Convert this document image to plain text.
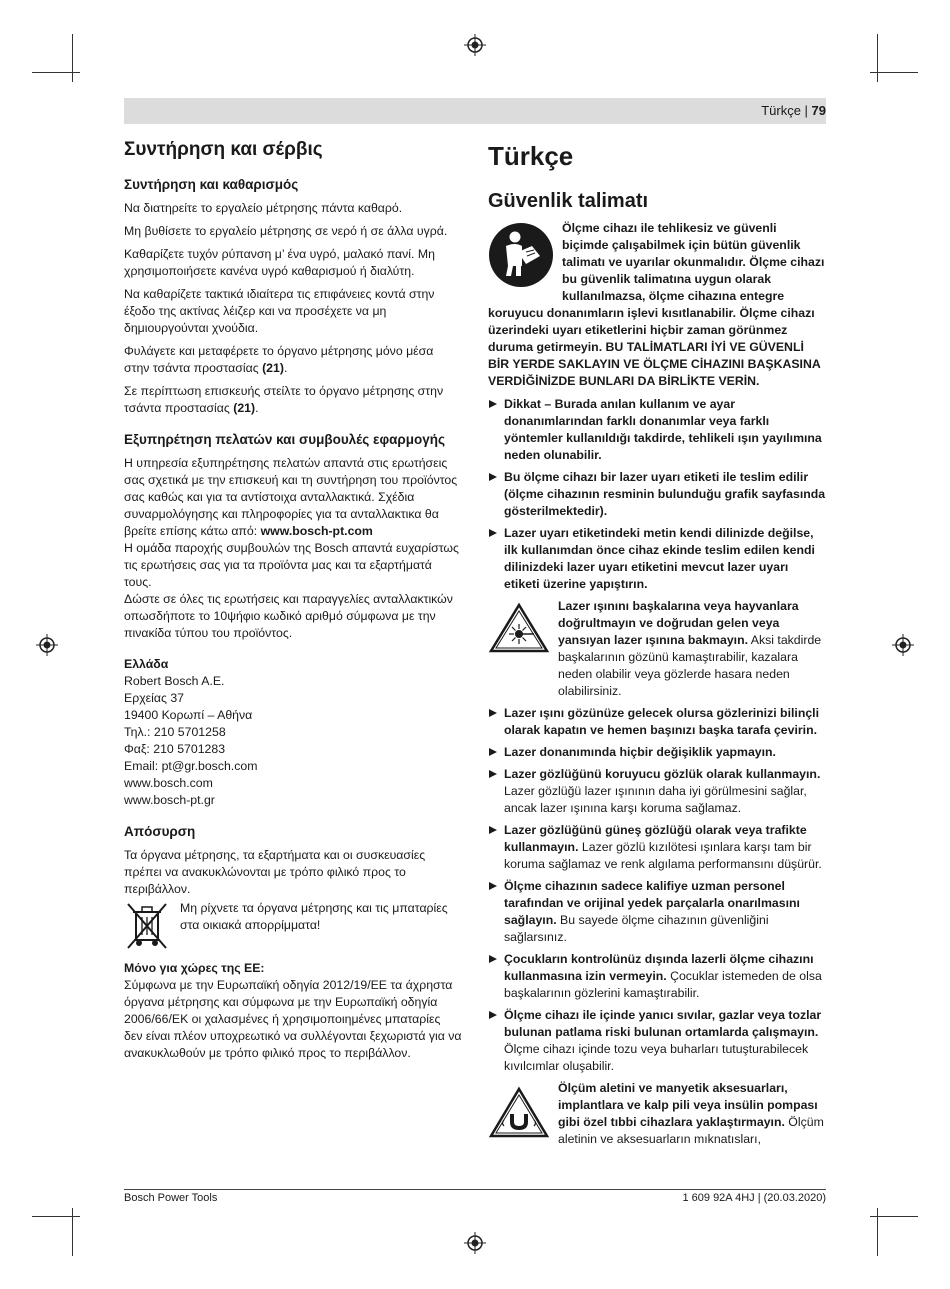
Türkçe | 79
Συντήρηση και σέρβις
Συντήρηση και καθαρισμός

Να διατηρείτε το εργαλείο μέτρησης πάντα καθαρό.

Μη βυθίσετε το εργαλείο μέτρησης σε νερό ή σε άλλα υγρά.

Καθαρίζετε τυχόν ρύπανση μ’ ένα υγρό, μαλακό πανί. Μη χρησιμοποιήσετε κανένα υγρό καθαρισμού ή διαλύτη.

Να καθαρίζετε τακτικά ιδιαίτερα τις επιφάνειες κοντά στην έξοδο της ακτίνας λέιζερ και να προσέχετε να μη δημιουργούνται χνούδια.

Φυλάγετε και μεταφέρετε το όργανο μέτρησης μόνο μέσα στην τσάντα προστασίας (21).

Σε περίπτωση επισκευής στείλτε το όργανο μέτρησης στην τσάντα προστασίας (21).

Εξυπηρέτηση πελατών και συμβουλές εφαρμογής

Η υπηρεσία εξυπηρέτησης πελατών απαντά στις ερωτήσεις σας σχετικά με την επισκευή και τη συντήρηση του προϊόντος σας καθώς και για τα αντίστοιχα ανταλλακτικά. Σχέδια συναρμολόγησης και πληροφορίες για τα ανταλλακτικα θα βρείτε επίσης κάτω από: www.bosch-pt.com

Η ομάδα παροχής συμβουλών της Bosch απαντά ευχαρίστως τις ερωτήσεις σας για τα προϊόντα μας και τα εξαρτήματά τους.

Δώστε σε όλες τις ερωτήσεις και παραγγελίες ανταλλακτικών οπωσδήποτε το 10ψήφιο κωδικό αριθμό σύμφωνα με την πινακίδα τύπου του προϊόντος.

Ελλάδα

Robert Bosch A.E.

Ερχείας 37

19400 Κορωπί – Αθήνα

Τηλ.: 210 5701258

Φαξ: 210 5701283

Email: pt@gr.bosch.com

www.bosch.com

www.bosch-pt.gr

Απόσυρση

Τα όργανα μέτρησης, τα εξαρτήματα και οι συσκευασίες πρέπει να ανακυκλώνονται με τρόπο φιλικό προς το περιβάλλον.

Μη ρίχνετε τα όργανα μέτρησης και τις μπαταρίες στα οικιακά απορρίμματα!

Μόνο για χώρες της ΕΕ:

Σύμφωνα με την Ευρωπαϊκή οδηγία 2012/19/ΕΕ τα άχρηστα όργανα μέτρησης και σύμφωνα με την Ευρωπαϊκή οδηγία 2006/66/ΕΚ οι χαλασμένες ή χρησιμοποιημένες μπαταρίες δεν είναι πλέον υποχρεωτικό να συλλέγονται ξεχωριστά για να ανακυκλωθούν με τρόπο φιλικό προς το περιβάλλον.

Türkçe
Güvenlik talimatı

Ölçme cihazı ile tehlikesiz ve güvenli biçimde çalışabilmek için bütün güvenlik talimatı ve uyarılar okunmalıdır. Ölçme cihazı bu güvenlik talimatına uygun olarak kullanılmazsa, ölçme cihazına entegre koruyucu donanımların işlevi kısıtlanabilir. Ölçme cihazı üzerindeki uyarı etiketlerini hiçbir zaman görünmez duruma getirmeyin. BU TALİMATLARI İYİ VE GÜVENLİ BİR YERDE SAKLAYIN VE ÖLÇME CİHAZINI BAŞKASINA VERDİĞİNİZDE BUNLARI DA BİRLİKTE VERİN.

Dikkat – Burada anılan kullanım ve ayar donanımlarından farklı donanımlar veya farklı yöntemler kullanıldığı takdirde, tehlikeli ışın yayılımına neden olunabilir.

Bu ölçme cihazı bir lazer uyarı etiketi ile teslim edilir (ölçme cihazının resminin bulunduğu grafik sayfasında gösterilmektedir).

Lazer uyarı etiketindeki metin kendi dilinizde değilse, ilk kullanımdan önce cihaz ekinde teslim edilen kendi dilinizdeki lazer uyarı etiketini mevcut lazer uyarı etiketi üzerine yapıştırın.

Lazer ışınını başkalarına veya hayvanlara doğrultmayın ve doğrudan gelen veya yansıyan lazer ışınına bakmayın. Aksi takdirde başkalarının gözünü kamaştırabilir, kazalara neden olabilir veya gözlerde hasara neden olabilirsiniz.

Lazer ışını gözünüze gelecek olursa gözlerinizi bilinçli olarak kapatın ve hemen başınızı başka tarafa çevirin.

Lazer donanımında hiçbir değişiklik yapmayın.

Lazer gözlüğünü koruyucu gözlük olarak kullanmayın. Lazer gözlüğü lazer ışınının daha iyi görülmesini sağlar, ancak lazer ışınına karşı koruma sağlamaz.

Lazer gözlüğünü güneş gözlüğü olarak veya trafikte kullanmayın. Lazer gözlü kızılötesi ışınlara karşı tam bir koruma sağlamaz ve renk algılama performansını düşürür.

Ölçme cihazının sadece kalifiye uzman personel tarafından ve orijinal yedek parçalarla onarılmasını sağlayın. Bu sayede ölçme cihazının güvenliğini sağlarsınız.

Çocukların kontrolünüz dışında lazerli ölçme cihazını kullanmasına izin vermeyin. Çocuklar istemeden de olsa başkalarının gözlerini kamaştırabilir.

Ölçme cihazı ile içinde yanıcı sıvılar, gazlar veya tozlar bulunan patlama riski bulunan ortamlarda çalışmayın. Ölçme cihazı içinde tozu veya buharları tutuşturabilecek kıvılcımlar oluşabilir.

Ölçüm aletini ve manyetik aksesuarları, implantlara ve kalp pili veya insülin pompası gibi özel tıbbi cihazlara yaklaştırmayın. Ölçüm aletinin ve aksesuarların mıknatısları,

Bosch Power Tools	1 609 92A 4HJ | (20.03.2020)
